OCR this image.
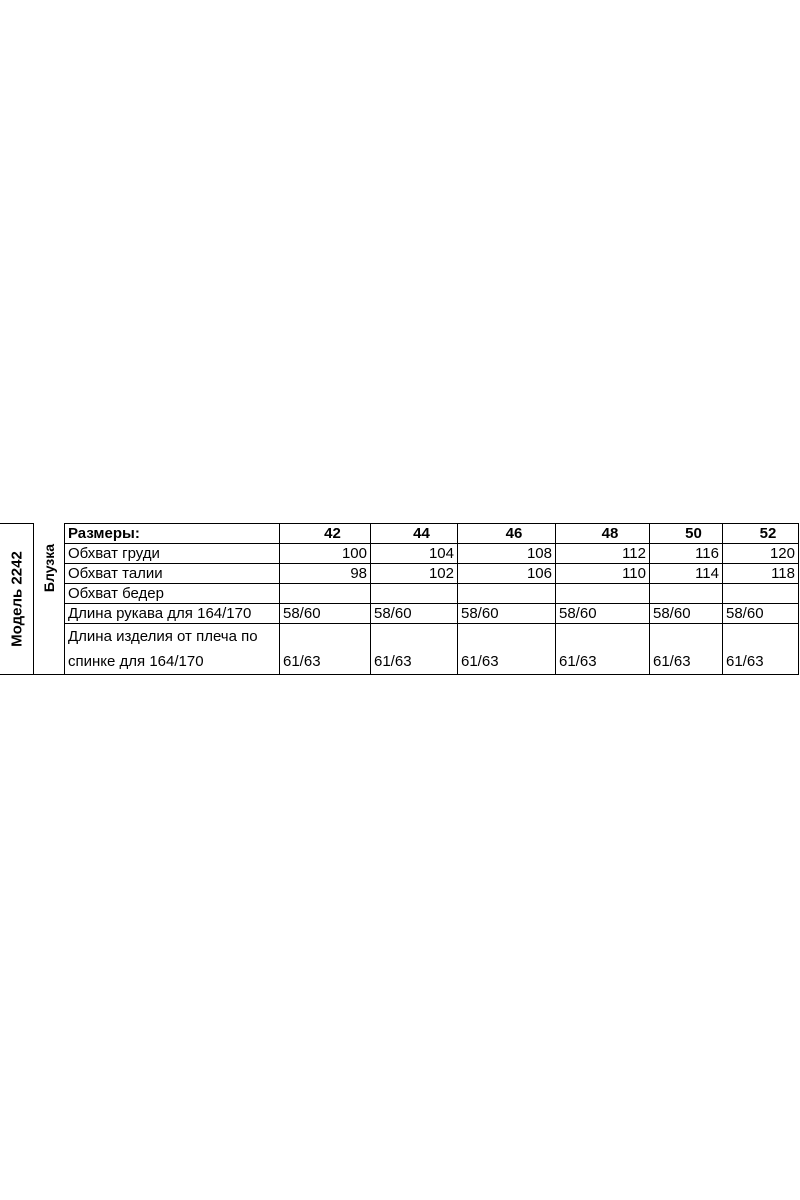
Модель 2242 Блузка
Размеры:	42	44	46	48	50	52
Обхват груди	100	104	108	112	116	120
Обхват талии	98	102	106	110	114	118
Обхват бедер						
Длина рукава для 164/170	58/60	58/60	58/60	58/60	58/60	58/60

Длина изделия от плеча по
спинке для 164/170	61/63	61/63	61/63	61/63	61/63	61/63
